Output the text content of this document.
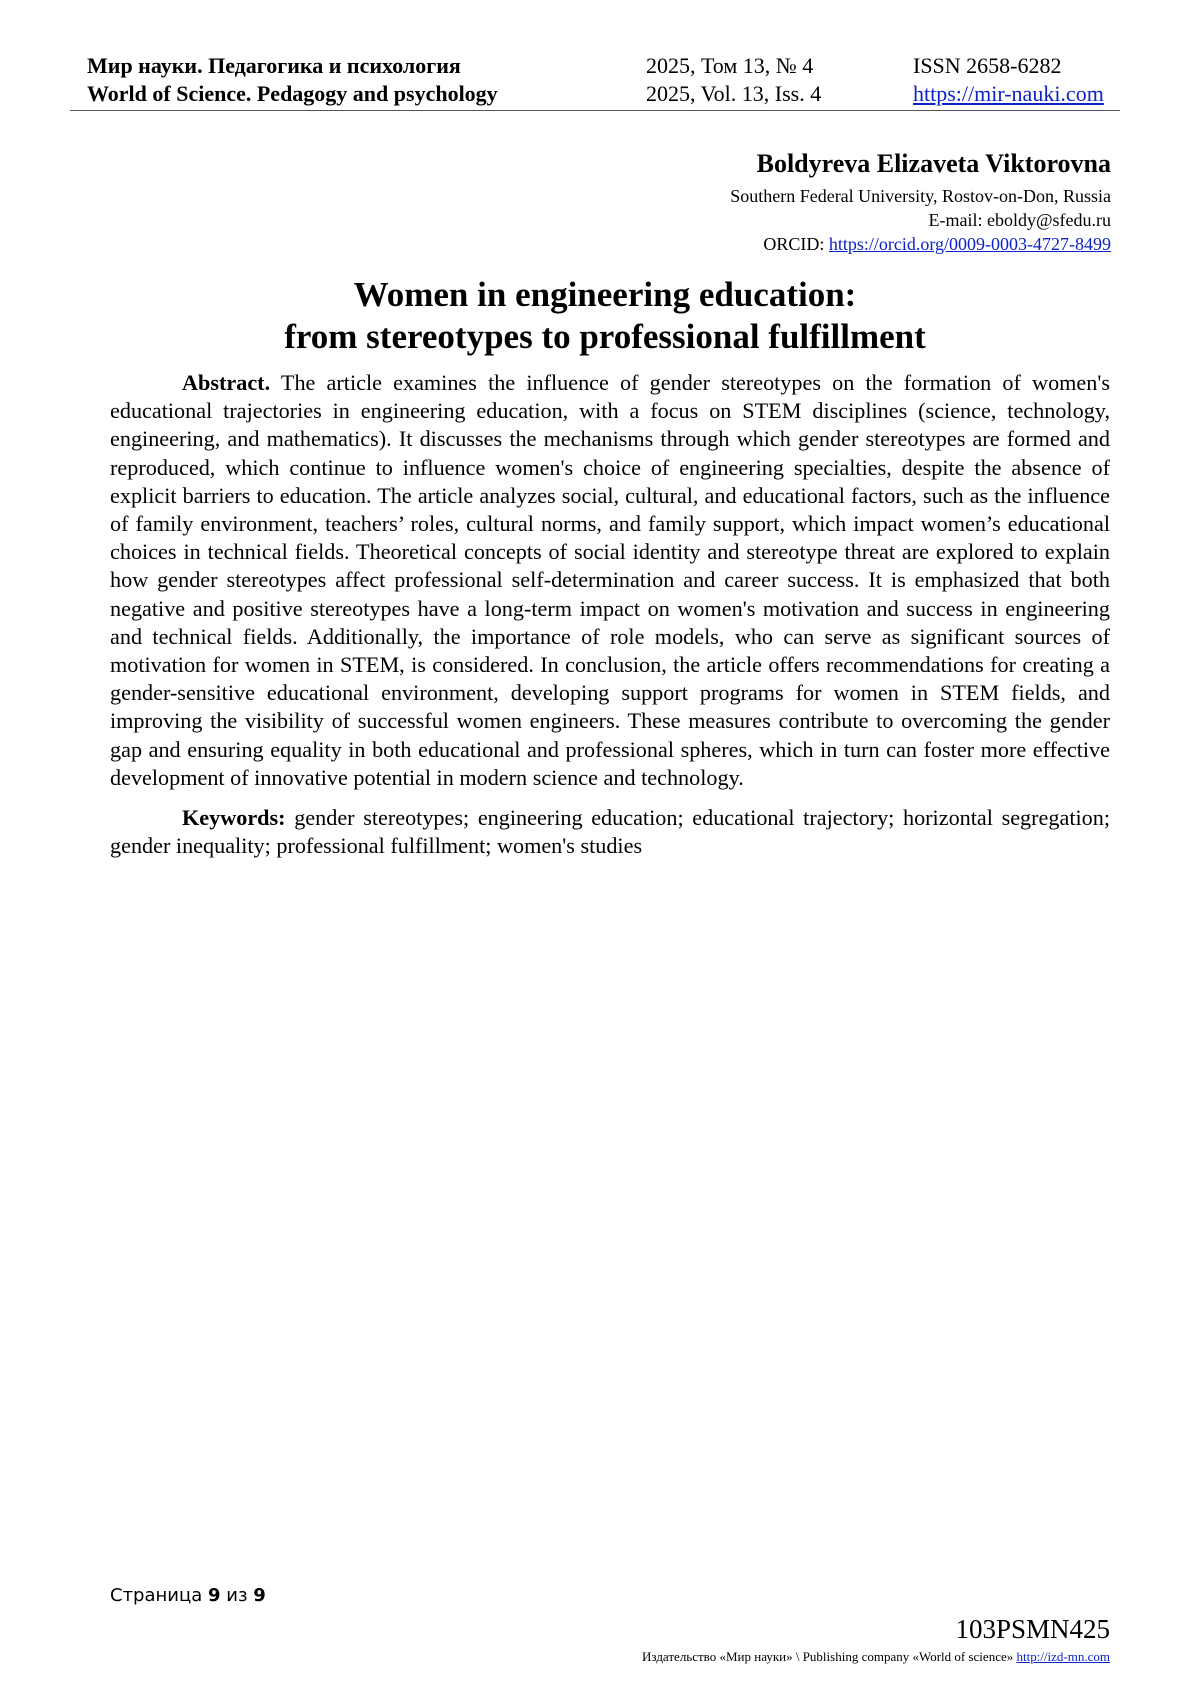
Мир науки. Педагогика и психология	2025, Том 13, № 4	ISSN 2658-6282
World of Science. Pedagogy and psychology	2025, Vol. 13, Iss. 4	https://mir-nauki.com
Boldyreva Elizaveta Viktorovna
Southern Federal University, Rostov-on-Don, Russia
E-mail: eboldy@sfedu.ru
ORCID: https://orcid.org/0009-0003-4727-8499
Women in engineering education:
from stereotypes to professional fulfillment

Abstract. The article examines the influence of gender stereotypes on the formation of women's educational trajectories in engineering education, with a focus on STEM disciplines (science, technology, engineering, and mathematics). It discusses the mechanisms through which gender stereotypes are formed and reproduced, which continue to influence women's choice of engineering specialties, despite the absence of explicit barriers to education. The article analyzes social, cultural, and educational factors, such as the influence of family environment, teachers’ roles, cultural norms, and family support, which impact women’s educational choices in technical fields. Theoretical concepts of social identity and stereotype threat are explored to explain how gender stereotypes affect professional self-determination and career success. It is emphasized that both negative and positive stereotypes have a long-term impact on women's motivation and success in engineering and technical fields. Additionally, the importance of role models, who can serve as significant sources of motivation for women in STEM, is considered. In conclusion, the article offers recommendations for creating a gender-sensitive educational environment, developing support programs for women in STEM fields, and improving the visibility of successful women engineers. These measures contribute to overcoming the gender gap and ensuring equality in both educational and professional spheres, which in turn can foster more effective development of innovative potential in modern science and technology.

Keywords: gender stereotypes; engineering education; educational trajectory; horizontal segregation; gender inequality; professional fulfillment; women's studies

Страница 9 из 9
103PSMN425
Издательство «Мир науки» \ Publishing company «World of science» http://izd-mn.com
